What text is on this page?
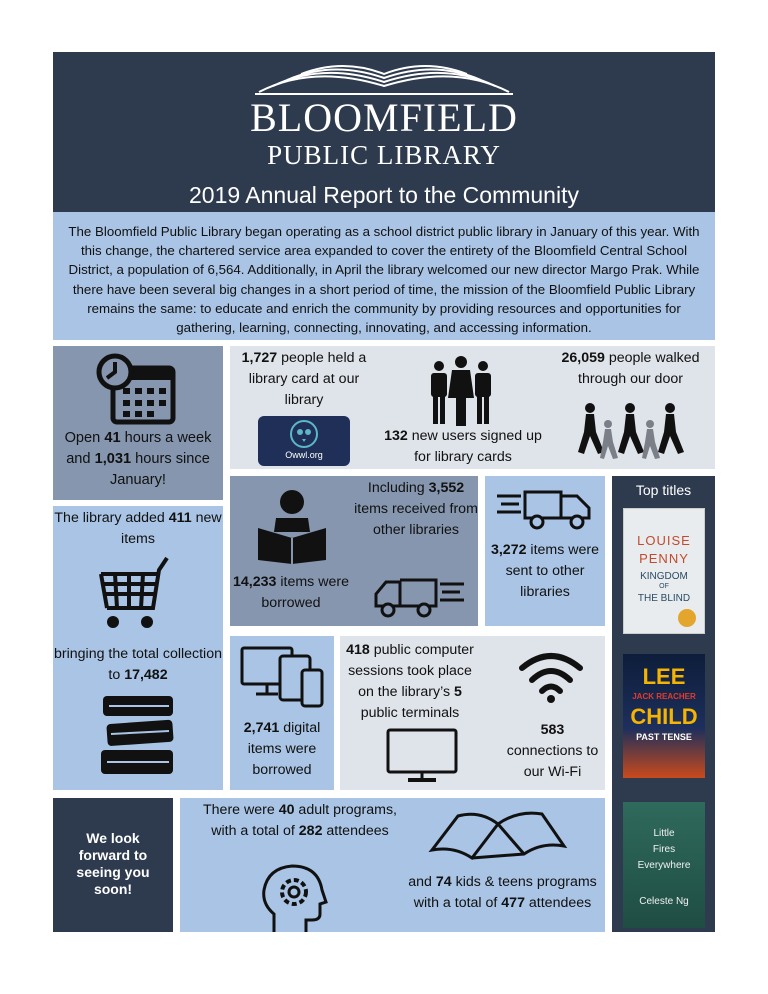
BLOOMFIELD
PUBLIC LIBRARY
2019 Annual Report to the Community
The Bloomfield Public Library began operating as a school district public library in January of this year. With this change, the chartered service area expanded to cover the entirety of the Bloomfield Central School District, a population of 6,564. Additionally, in April the library welcomed our new director Margo Prak. While there have been several big changes in a short period of time, the mission of the Bloomfield Public Library remains the same: to educate and enrich the community by providing resources and opportunities for gathering, learning, connecting, innovating, and accessing information.
Open 41 hours a week and 1,031 hours since January!
1,727 people held a library card at our library
Owwl.org
132 new users signed up for library cards
26,059 people walked through our door
The library added 411 new items
bringing the total collection to 17,482
14,233 items were borrowed
Including 3,552 items received from other libraries
3,272 items were sent to other libraries
Top titles
LOUISE
PENNY
KINGDOM
OF
THE BLIND
LEE
JACK REACHER
CHILD
PAST TENSE
Little
Fires
Everywhere
Celeste Ng
2,741 digital items were borrowed
418 public computer sessions took place on the library’s 5 public terminals
583
connections to our Wi-Fi
We look forward to seeing you soon!
There were 40 adult programs, with a total of 282 attendees
and 74 kids & teens programs with a total of 477 attendees
